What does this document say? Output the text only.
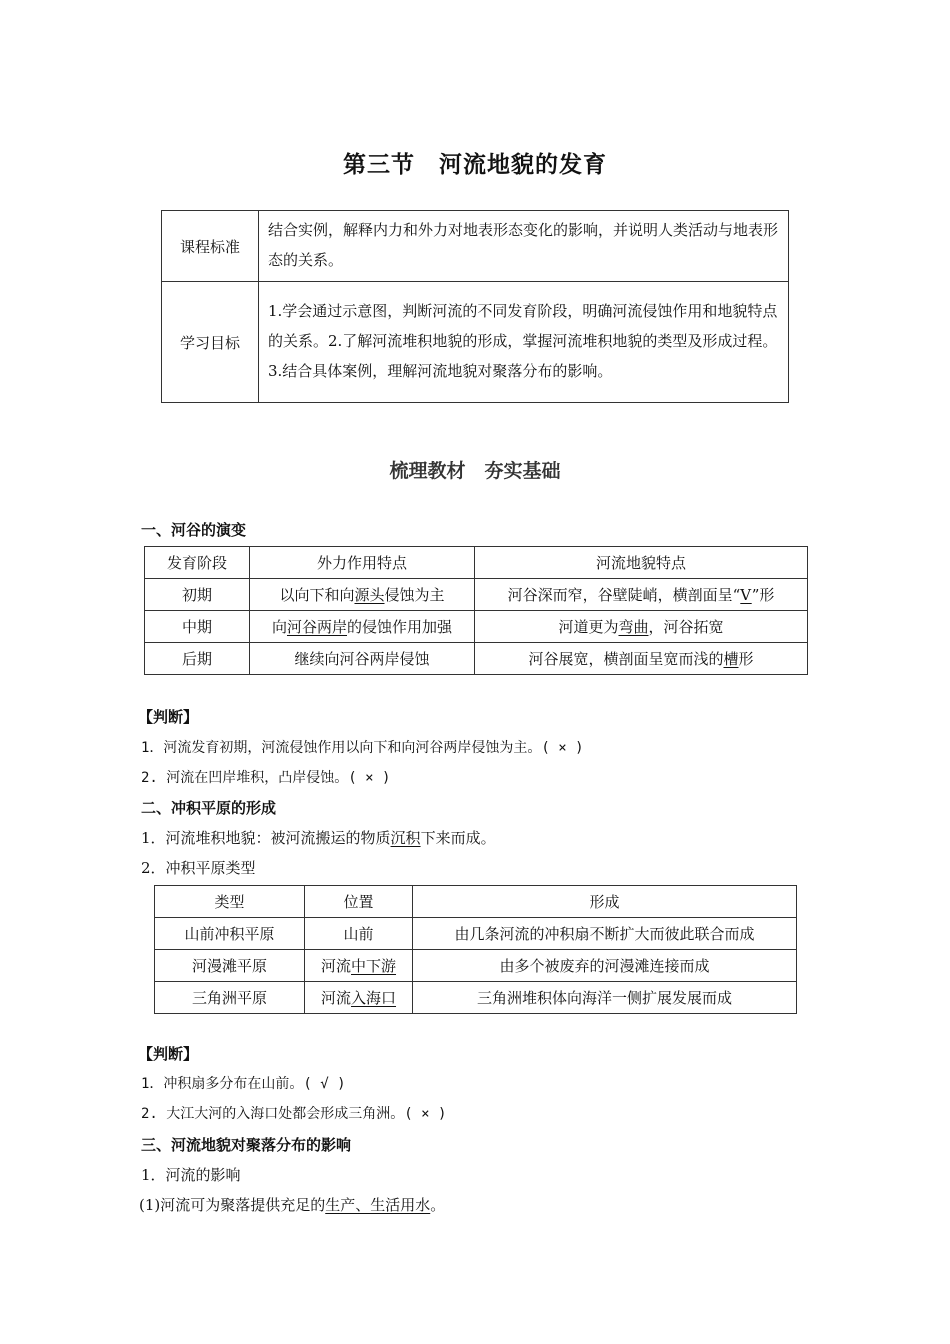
第三节　河流地貌的发育
课程标准	结合实例，解释内力和外力对地表形态变化的影响，并说明人类活动与地表形态的关系。
学习目标	1.学会通过示意图，判断河流的不同发育阶段，明确河流侵蚀作用和地貌特点的关系。2.了解河流堆积地貌的形成，掌握河流堆积地貌的类型及形成过程。3.结合具体案例，理解河流地貌对聚落分布的影响。
梳理教材　夯实基础
一、河谷的演变
发育阶段	外力作用特点	河流地貌特点
初期	以向下和向源头侵蚀为主	河谷深而窄，谷壁陡峭，横剖面呈“V”形
中期	向河谷两岸的侵蚀作用加强	河道更为弯曲，河谷拓宽
后期	继续向河谷两岸侵蚀	河谷展宽，横剖面呈宽而浅的槽形
【判断】
1．河流发育初期，河流侵蚀作用以向下和向河谷两岸侵蚀为主。( × )
2. 河流在凹岸堆积，凸岸侵蚀。( × )
二、冲积平原的形成
1．河流堆积地貌：被河流搬运的物质沉积下来而成。
2．冲积平原类型
类型	位置	形成
山前冲积平原	山前	由几条河流的冲积扇不断扩大而彼此联合而成
河漫滩平原	河流中下游	由多个被废弃的河漫滩连接而成
三角洲平原	河流入海口	三角洲堆积体向海洋一侧扩展发展而成
【判断】
1．冲积扇多分布在山前。( √ )
2. 大江大河的入海口处都会形成三角洲。( × )
三、河流地貌对聚落分布的影响
1．河流的影响
(1)河流可为聚落提供充足的生产、生活用水。
